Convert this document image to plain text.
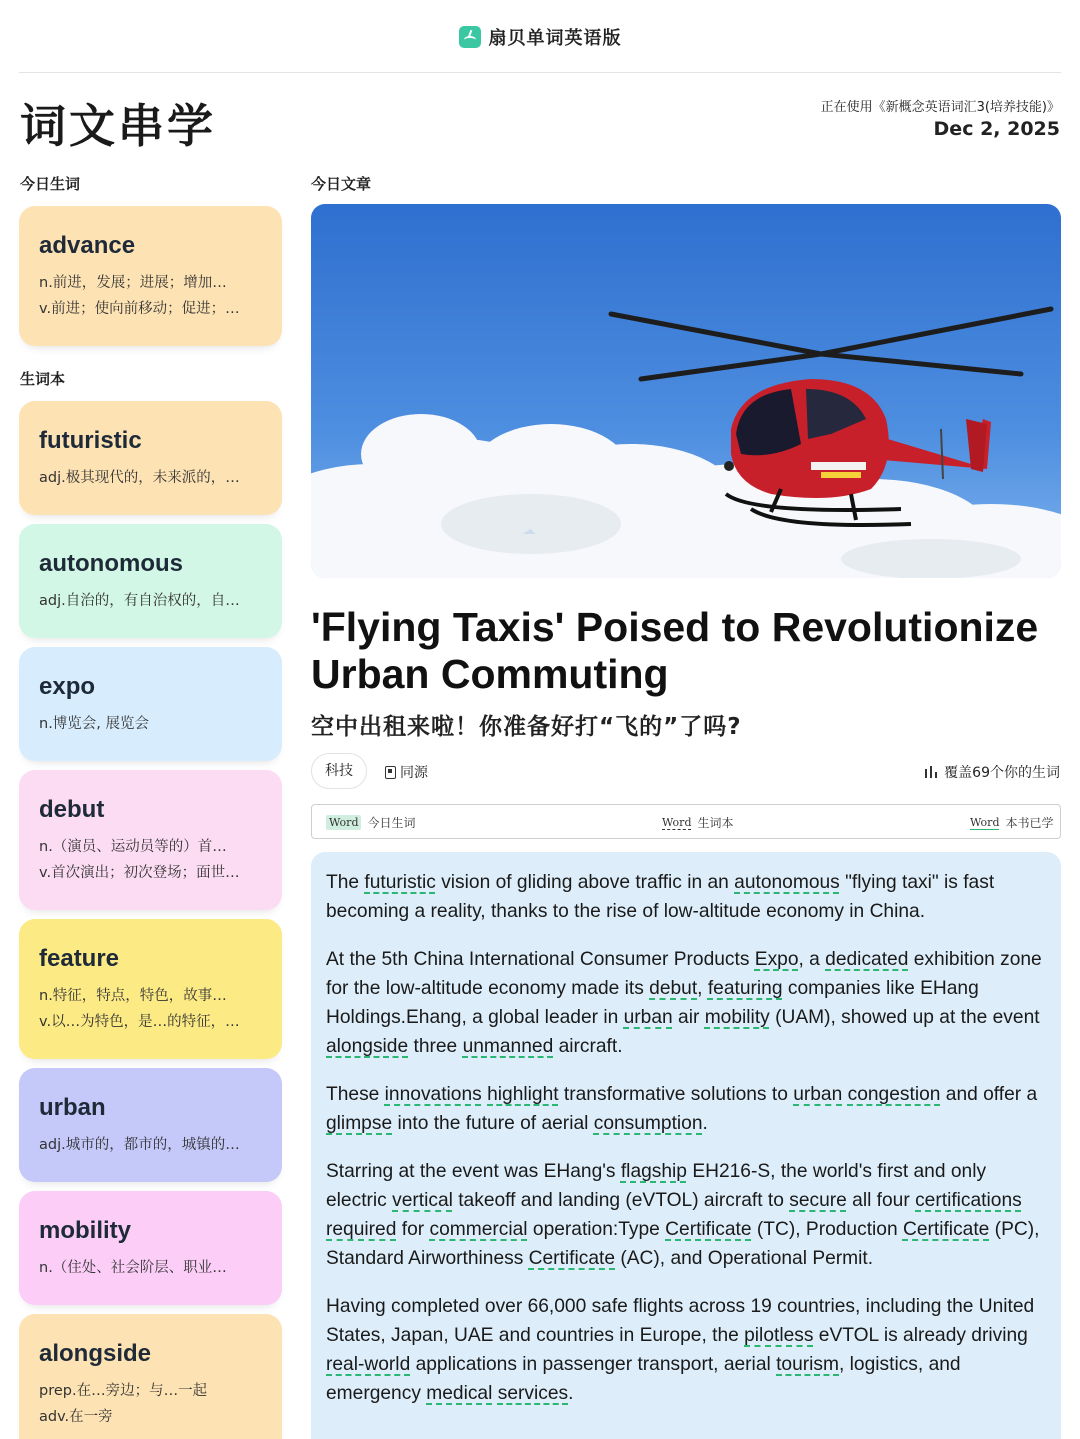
扇贝单词英语版
词文串学	正在使用《新概念英语词汇3(培养技能)》
Dec 2, 2025
今日生词	今日文章
生词本
advance
n.前进，发展；进展；增加…
v.前进；使向前移动；促进；…
futuristic
adj.极其现代的，未来派的，…
autonomous
adj.自治的，有自治权的，自…
expo
n.博览会, 展览会
debut
n.（演员、运动员等的）首…
v.首次演出；初次登场；面世…
feature
n.特征，特点，特色，故事…
v.以…为特色，是…的特征，…
urban
adj.城市的，都市的，城镇的…
mobility
n.（住处、社会阶层、职业…
alongside
prep.在…旁边；与…一起
adv.在一旁
'Flying Taxis' Poised to Revolutionize Urban Commuting
空中出租来啦！你准备好打“飞的”了吗?
科技	同源	覆盖69个你的生词
Word 今日生词	Word 生词本	Word 本书已学

The futuristic vision of gliding above traffic in an autonomous "flying taxi" is fast becoming a reality, thanks to the rise of low-altitude economy in China.

At the 5th China International Consumer Products Expo, a dedicated exhibition zone for the low-altitude economy made its debut, featuring companies like EHang Holdings.Ehang, a global leader in urban air mobility (UAM), showed up at the event alongside three unmanned aircraft.

These innovations highlight transformative solutions to urban congestion and offer a glimpse into the future of aerial consumption.

Starring at the event was EHang's flagship EH216-S, the world's first and only electric vertical takeoff and landing (eVTOL) aircraft to secure all four certifications required for commercial operation:Type Certificate (TC), Production Certificate (PC), Standard Airworthiness Certificate (AC), and Operational Permit.

Having completed over 66,000 safe flights across 19 countries, including the United States, Japan, UAE and countries in Europe, the pilotless eVTOL is already driving real-world applications in passenger transport, aerial tourism, logistics, and emergency medical services.
